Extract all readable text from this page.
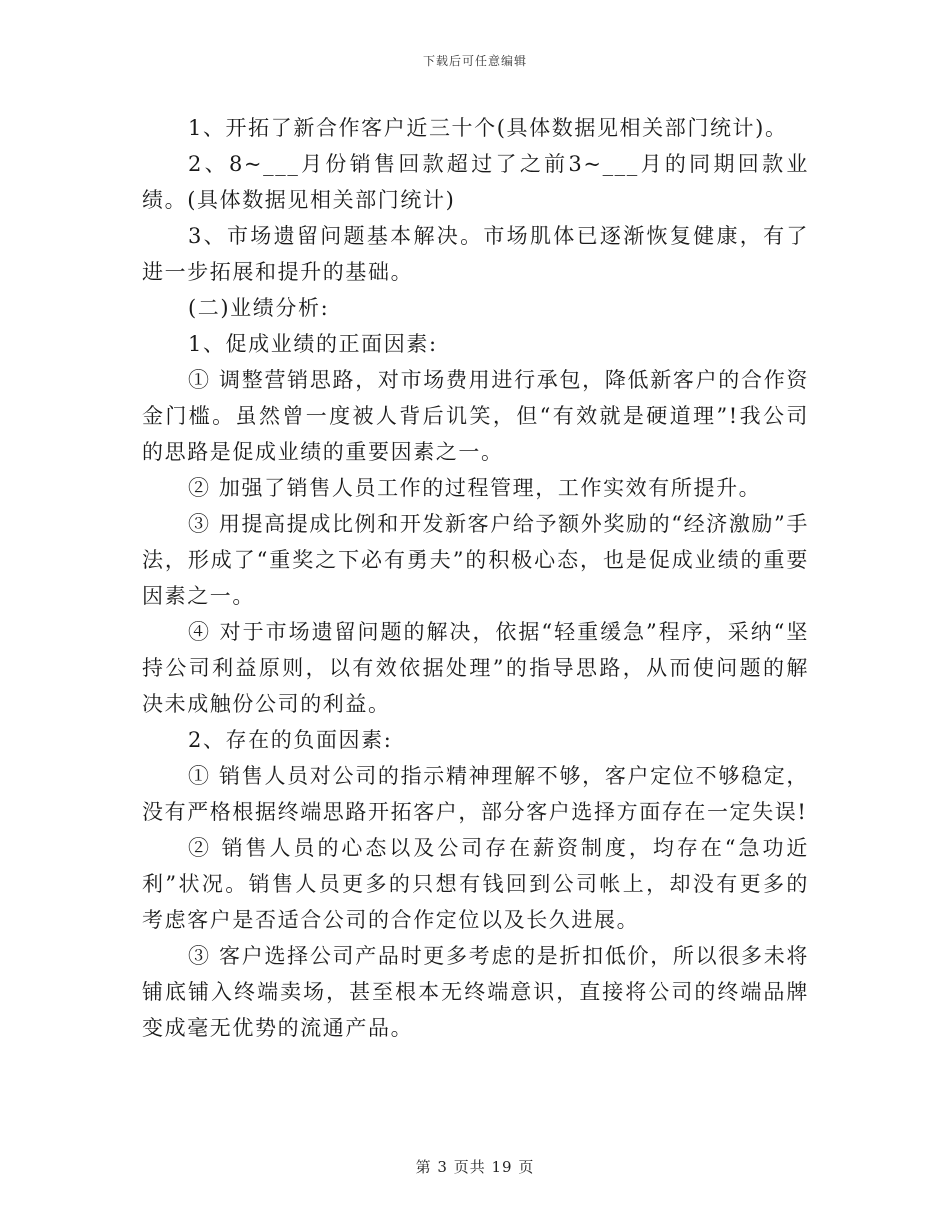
下载后可任意编辑

1、开拓了新合作客户近三十个(具体数据见相关部门统计)。

2、8~___月份销售回款超过了之前3~___月的同期回款业绩。(具体数据见相关部门统计)

3、市场遗留问题基本解决。市场肌体已逐渐恢复健康，有了进一步拓展和提升的基础。

(二)业绩分析:

1、促成业绩的正面因素:

① 调整营销思路，对市场费用进行承包，降低新客户的合作资金门槛。虽然曾一度被人背后讥笑，但“有效就是硬道理”!我公司的思路是促成业绩的重要因素之一。

② 加强了销售人员工作的过程管理，工作实效有所提升。

③ 用提高提成比例和开发新客户给予额外奖励的“经济激励”手法，形成了“重奖之下必有勇夫”的积极心态，也是促成业绩的重要因素之一。

④ 对于市场遗留问题的解决，依据“轻重缓急”程序，采纳“坚持公司利益原则，以有效依据处理”的指导思路，从而使问题的解决未成触份公司的利益。

2、存在的负面因素:

① 销售人员对公司的指示精神理解不够，客户定位不够稳定，没有严格根据终端思路开拓客户，部分客户选择方面存在一定失误!

② 销售人员的心态以及公司存在薪资制度，均存在“急功近利”状况。销售人员更多的只想有钱回到公司帐上，却没有更多的考虑客户是否适合公司的合作定位以及长久进展。

③ 客户选择公司产品时更多考虑的是折扣低价，所以很多未将铺底铺入终端卖场，甚至根本无终端意识，直接将公司的终端品牌变成毫无优势的流通产品。

第 3 页共 19 页
